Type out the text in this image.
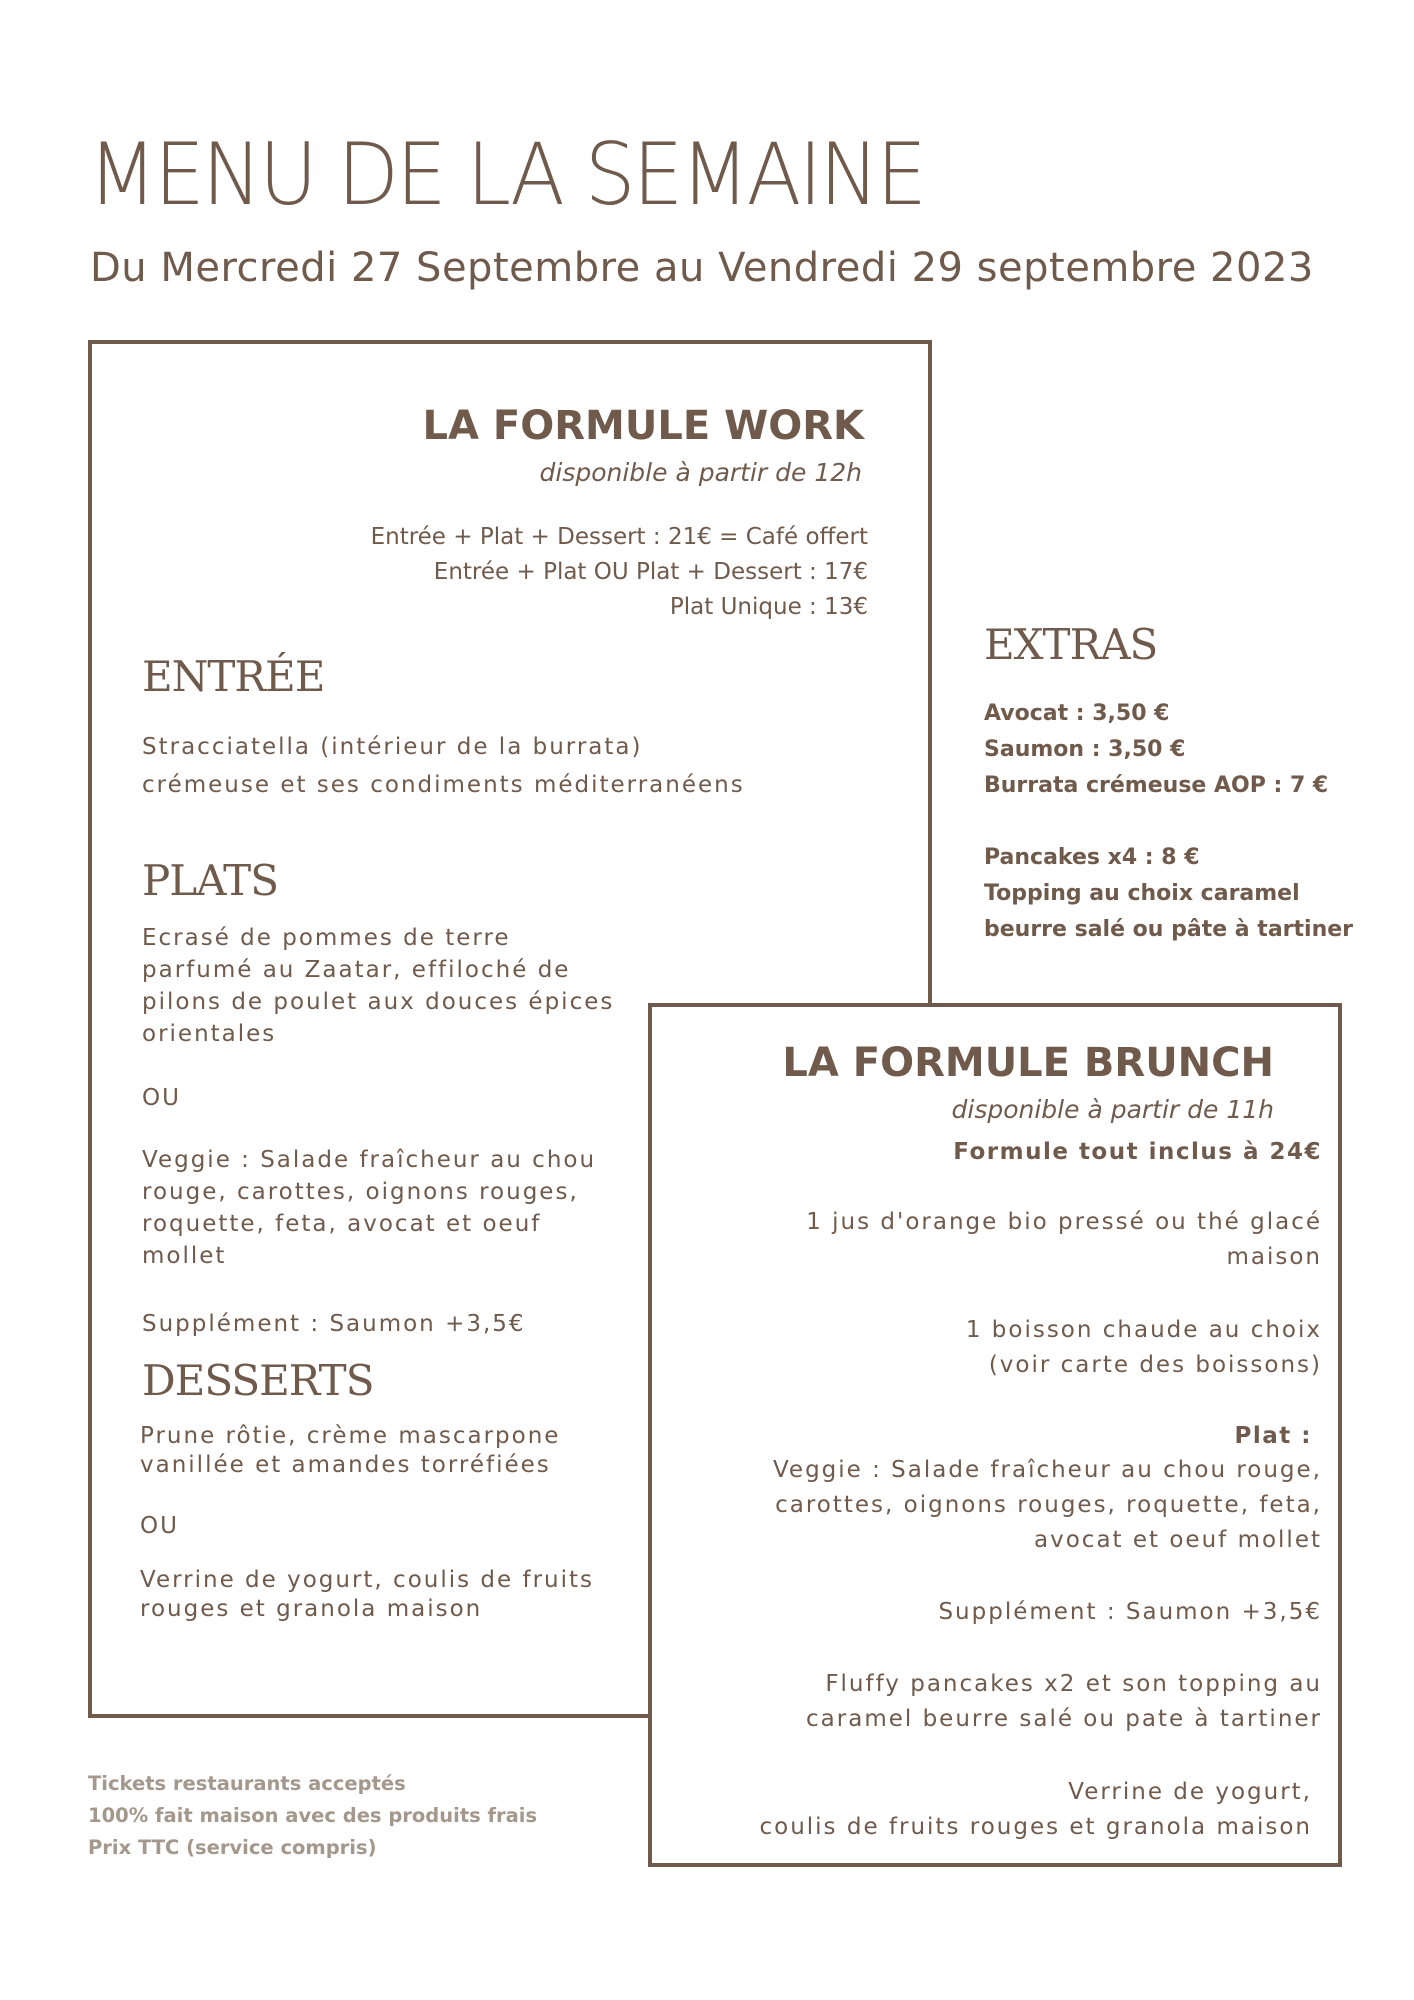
MENU DE LA SEMAINE
Du Mercredi 27 Septembre au Vendredi 29 septembre 2023
LA FORMULE WORK
disponible à partir de 12h
Entrée + Plat + Dessert : 21€ = Café offert
Entrée + Plat OU Plat + Dessert : 17€
Plat Unique : 13€
ENTRÉE
Stracciatella (intérieur de la burrata)
crémeuse et ses condiments méditerranéens
PLATS
Ecrasé de pommes de terre
parfumé au Zaatar, effiloché de
pilons de poulet aux douces épices
orientales
OU
Veggie : Salade fraîcheur au chou
rouge, carottes, oignons rouges,
roquette, feta, avocat et oeuf
mollet
Supplément : Saumon +3,5€
DESSERTS
Prune rôtie, crème mascarpone
vanillée et amandes torréfiées
OU
Verrine de yogurt, coulis de fruits
rouges et granola maison
EXTRAS
Avocat : 3,50 €
Saumon : 3,50 €
Burrata crémeuse AOP : 7 €
Pancakes x4 : 8 €
Topping au choix caramel
beurre salé ou pâte à tartiner
LA FORMULE BRUNCH
disponible à partir de 11h
Formule tout inclus à 24€
1 jus d'orange bio pressé ou thé glacé
maison
1 boisson chaude au choix
(voir carte des boissons)
Plat :
Veggie : Salade fraîcheur au chou rouge,
carottes, oignons rouges, roquette, feta,
avocat et oeuf mollet
Supplément : Saumon +3,5€
Fluffy pancakes x2 et son topping au
caramel beurre salé ou pate à tartiner
Verrine de yogurt,
coulis de fruits rouges et granola maison
Tickets restaurants acceptés
100% fait maison avec des produits frais
Prix TTC (service compris)
